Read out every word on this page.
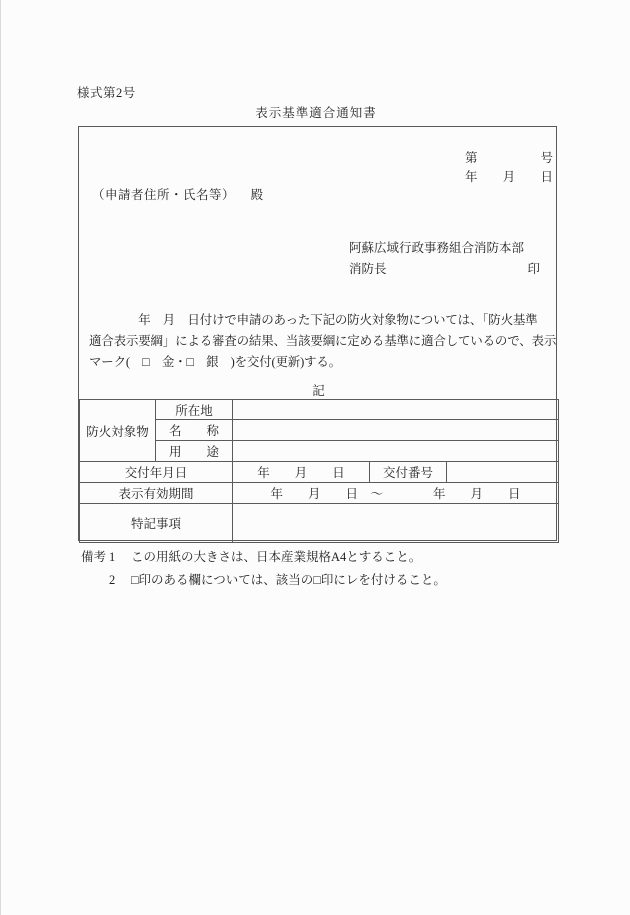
様式第2号
表示基準適合通知書
第	号
年 月 日
（申請者住所・氏名等） 殿
阿蘇広域行政事務組合消防本部
消防長	印
　　　　年　月　日付けで申請のあった下記の防火対象物については、「防火基準
適合表示要綱」による審査の結果、当該要綱に定める基準に適合しているので、表示
マーク(　□　金・□　銀　)を交付(更新)する。
記
防火対象物	所在地			
	名　　称			
	用　　途			
交付年月日		年　　月　　日	交付番号	
表示有効期間		年　　月　　日　～　　　　年　　月　　日		
特記事項				
備考 1	この用紙の大きさは、日本産業規格A4とすること。
2	□印のある欄については、該当の□印にレを付けること。
